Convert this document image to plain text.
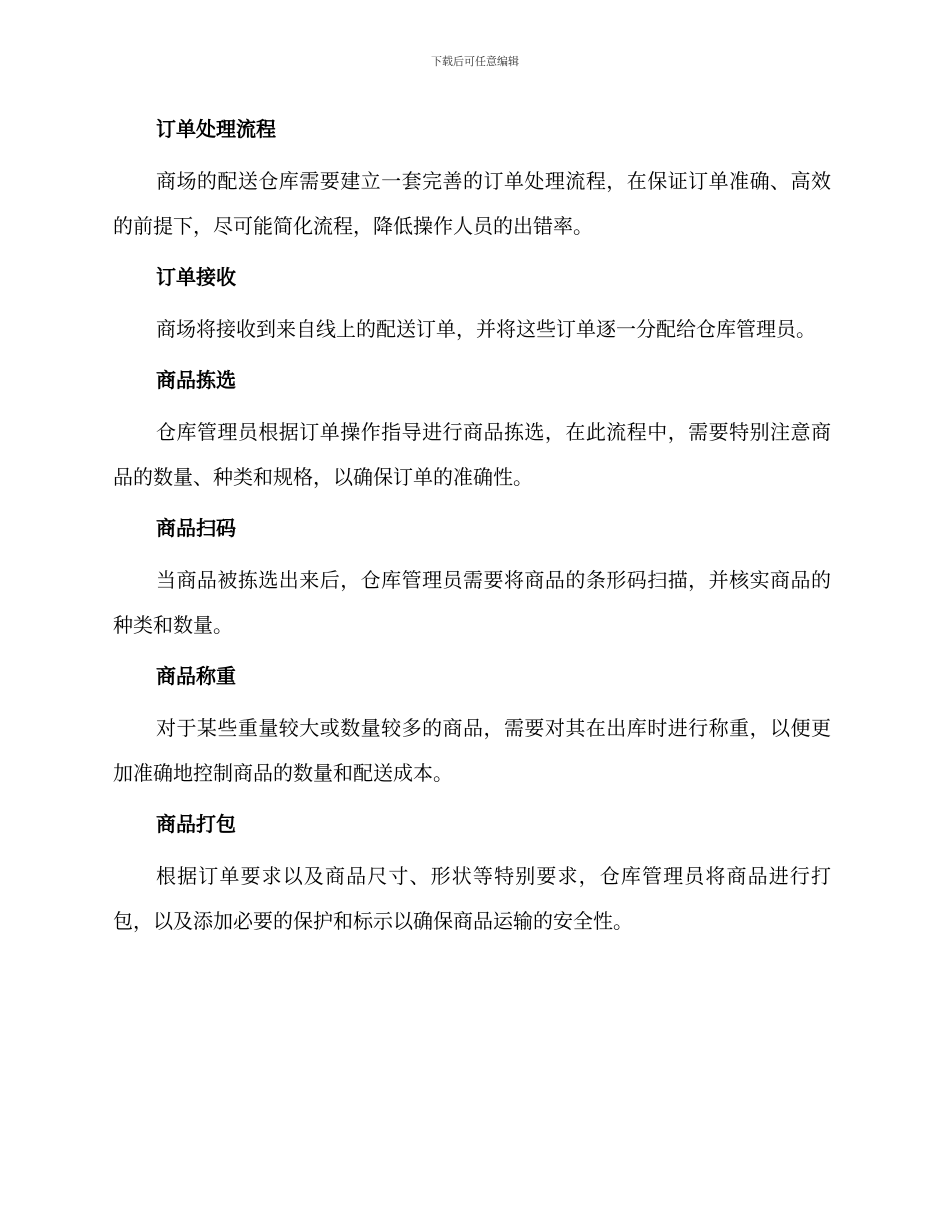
下载后可任意编辑
订单处理流程

商场的配送仓库需要建立一套完善的订单处理流程，在保证订单准确、高效的前提下，尽可能简化流程，降低操作人员的出错率。

订单接收

商场将接收到来自线上的配送订单，并将这些订单逐一分配给仓库管理员。

商品拣选

仓库管理员根据订单操作指导进行商品拣选，在此流程中，需要特别注意商品的数量、种类和规格，以确保订单的准确性。

商品扫码

当商品被拣选出来后，仓库管理员需要将商品的条形码扫描，并核实商品的种类和数量。

商品称重

对于某些重量较大或数量较多的商品，需要对其在出库时进行称重，以便更加准确地控制商品的数量和配送成本。

商品打包

根据订单要求以及商品尺寸、形状等特别要求，仓库管理员将商品进行打包，以及添加必要的保护和标示以确保商品运输的安全性。
